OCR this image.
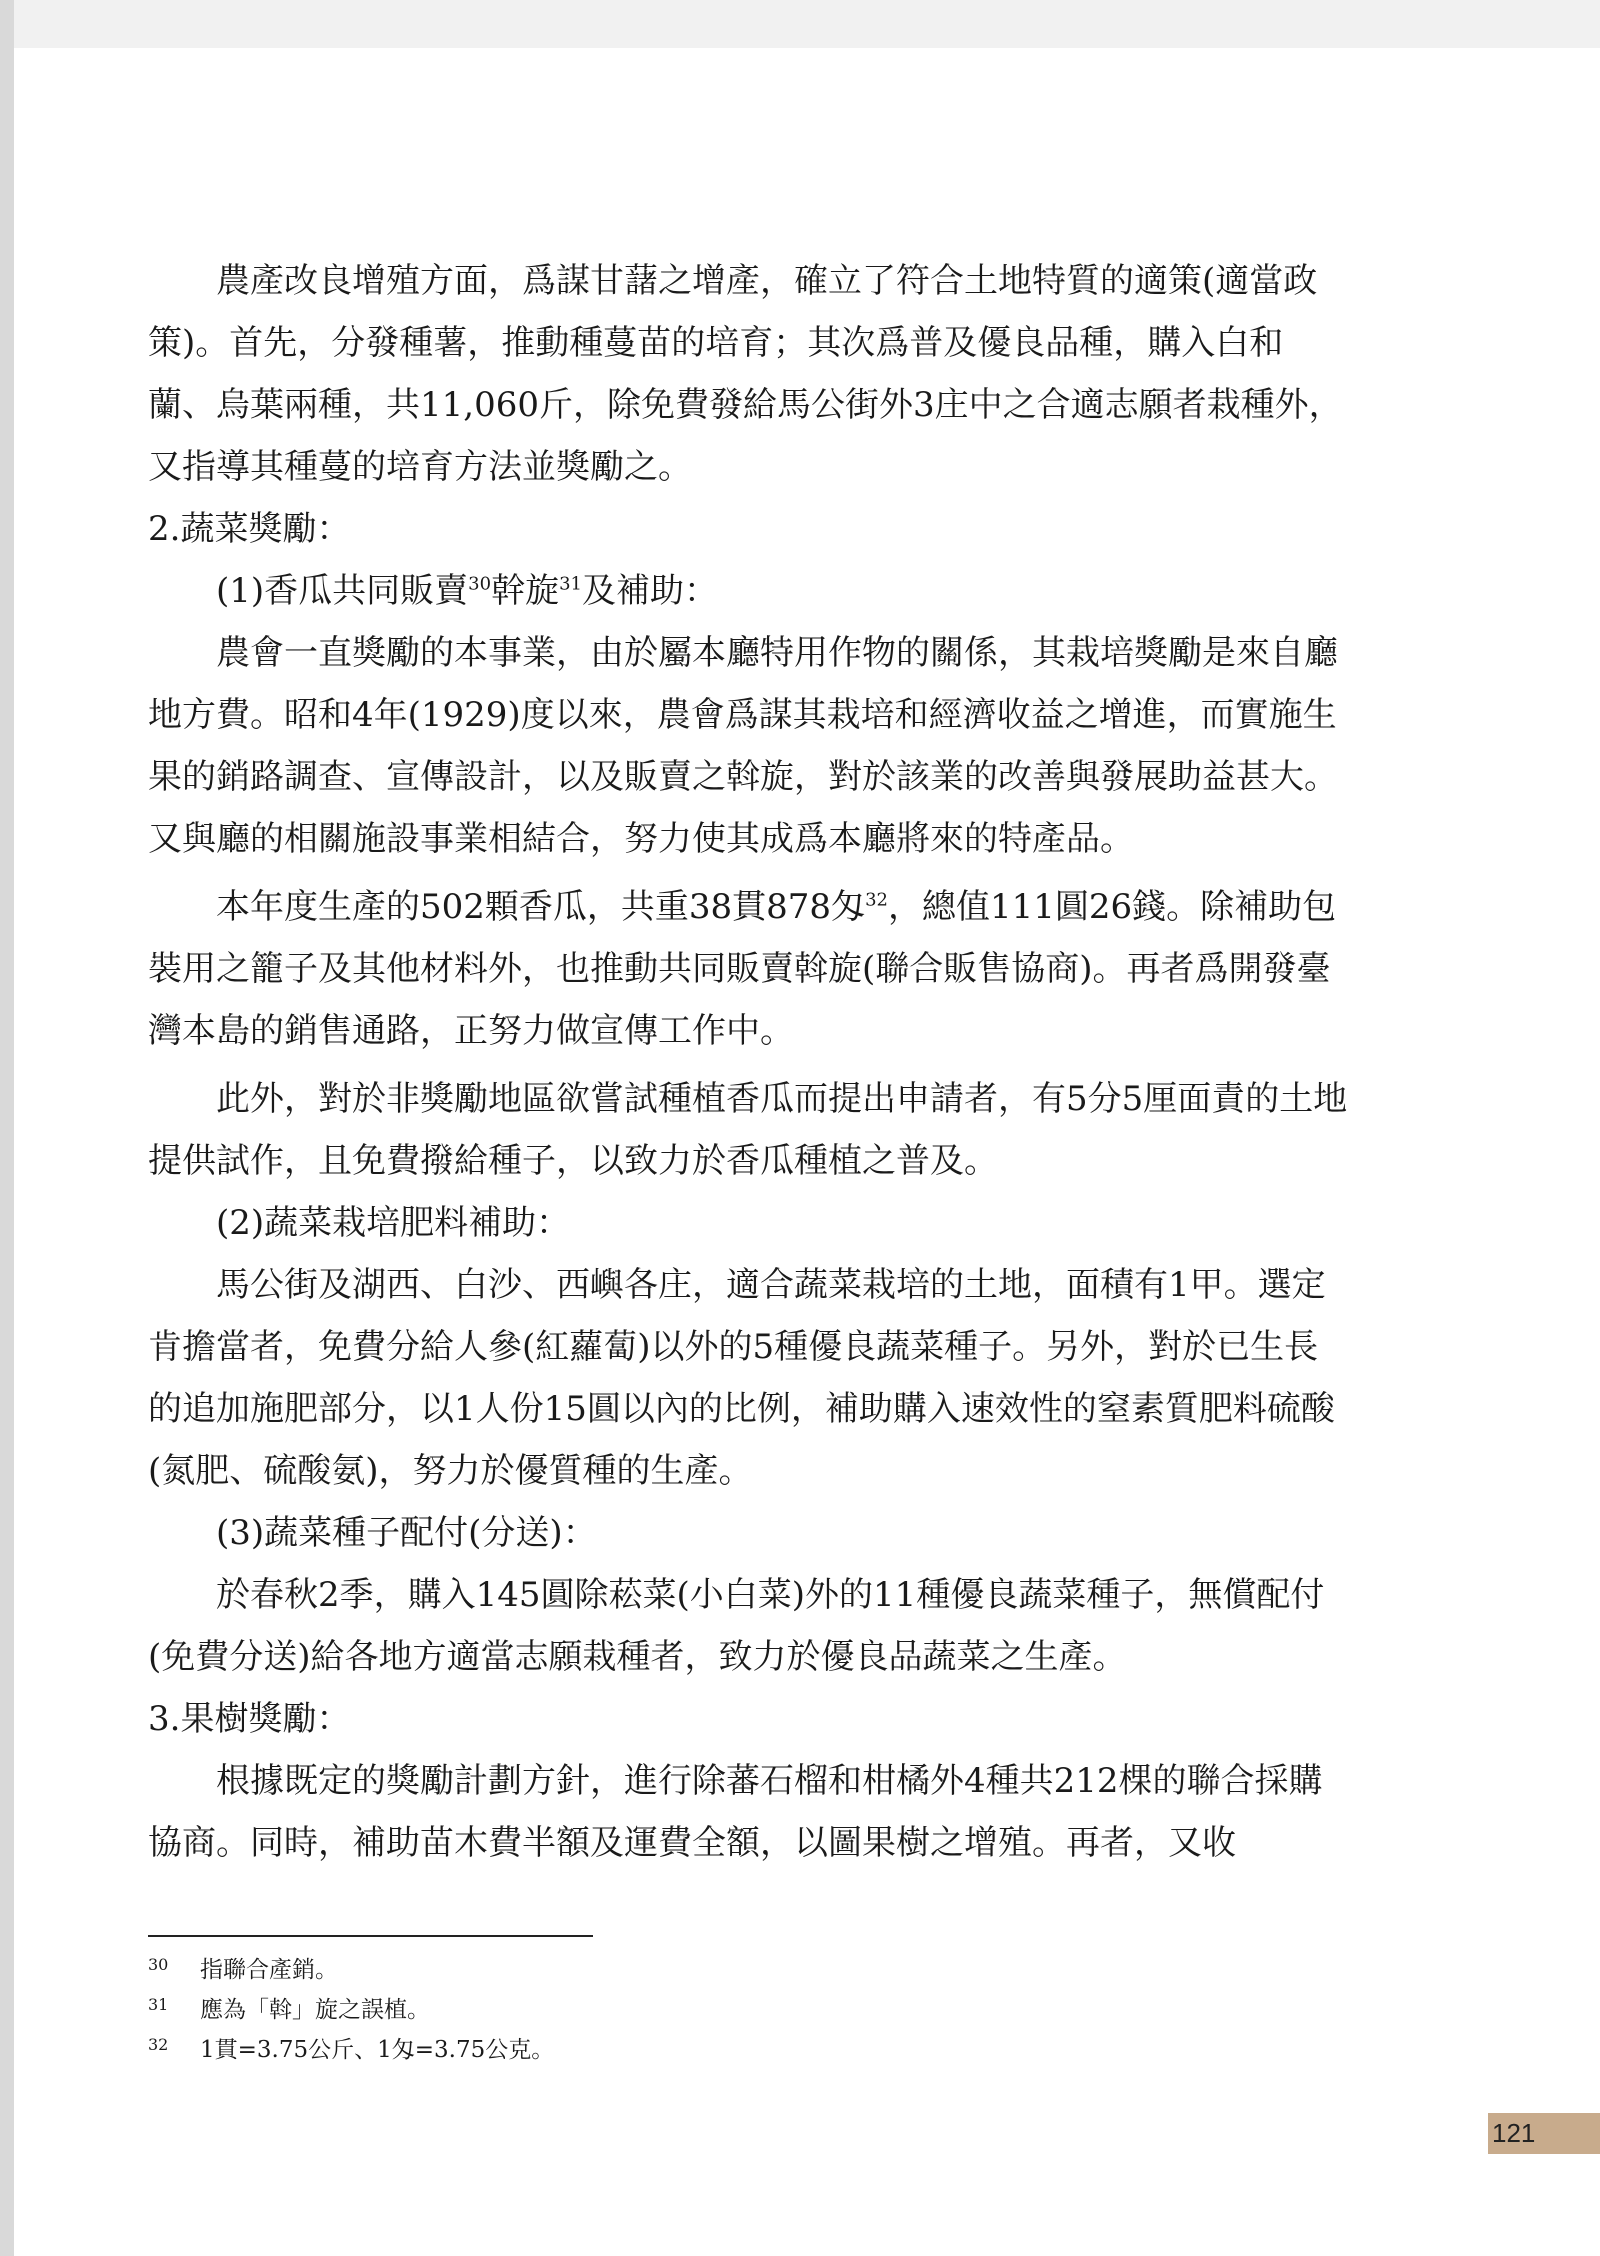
農產改良增殖方面，爲謀甘藷之增產，確立了符合土地特質的適策(適當政策)。首先，分發種薯，推動種蔓苗的培育；其次爲普及優良品種，購入白和蘭、烏葉兩種，共11,060斤，除免費發給馬公街外3庄中之合適志願者栽種外，又指導其種蔓的培育方法並獎勵之。

2.蔬菜獎勵：

(1)香瓜共同販賣$^{30}$幹旋$^{31}$及補助：

農會一直獎勵的本事業，由於屬本廳特用作物的關係，其栽培獎勵是來自廳地方費。昭和4年(1929)度以來，農會爲謀其栽培和經濟收益之增進，而實施生果的銷路調查、宣傳設計，以及販賣之斡旋，對於該業的改善與發展助益甚大。又與廳的相關施設事業相結合，努力使其成爲本廳將來的特產品。

本年度生產的502顆香瓜，共重38貫878匁$^{32}$，總值111圓26錢。除補助包裝用之籠子及其他材料外，也推動共同販賣斡旋(聯合販售協商)。再者爲開發臺灣本島的銷售通路，正努力做宣傳工作中。

此外，對於非獎勵地區欲嘗試種植香瓜而提出申請者，有5分5厘面責的土地提供試作，且免費撥給種子，以致力於香瓜種植之普及。

(2)蔬菜栽培肥料補助：

馬公街及湖西、白沙、西嶼各庄，適合蔬菜栽培的土地，面積有1甲。選定肯擔當者，免費分給人參(紅蘿蔔)以外的5種優良蔬菜種子。另外，對於已生長的追加施肥部分，以1人份15圓以內的比例，補助購入速效性的窒素質肥料硫酸(氮肥、硫酸氨)，努力於優質種的生產。

(3)蔬菜種子配付(分送)：

於春秋2季，購入145圓除菘菜(小白菜)外的11種優良蔬菜種子，無償配付(免費分送)給各地方適當志願栽種者，致力於優良品蔬菜之生產。

3.果樹獎勵：

根據既定的獎勵計劃方針，進行除蕃石榴和柑橘外4種共212棵的聯合採購協商。同時，補助苗木費半額及運費全額，以圖果樹之增殖。再者，又收

30	指聯合產銷。
31	應為「斡」旋之誤植。
32	1貫=3.75公斤、1匁=3.75公克。
121
